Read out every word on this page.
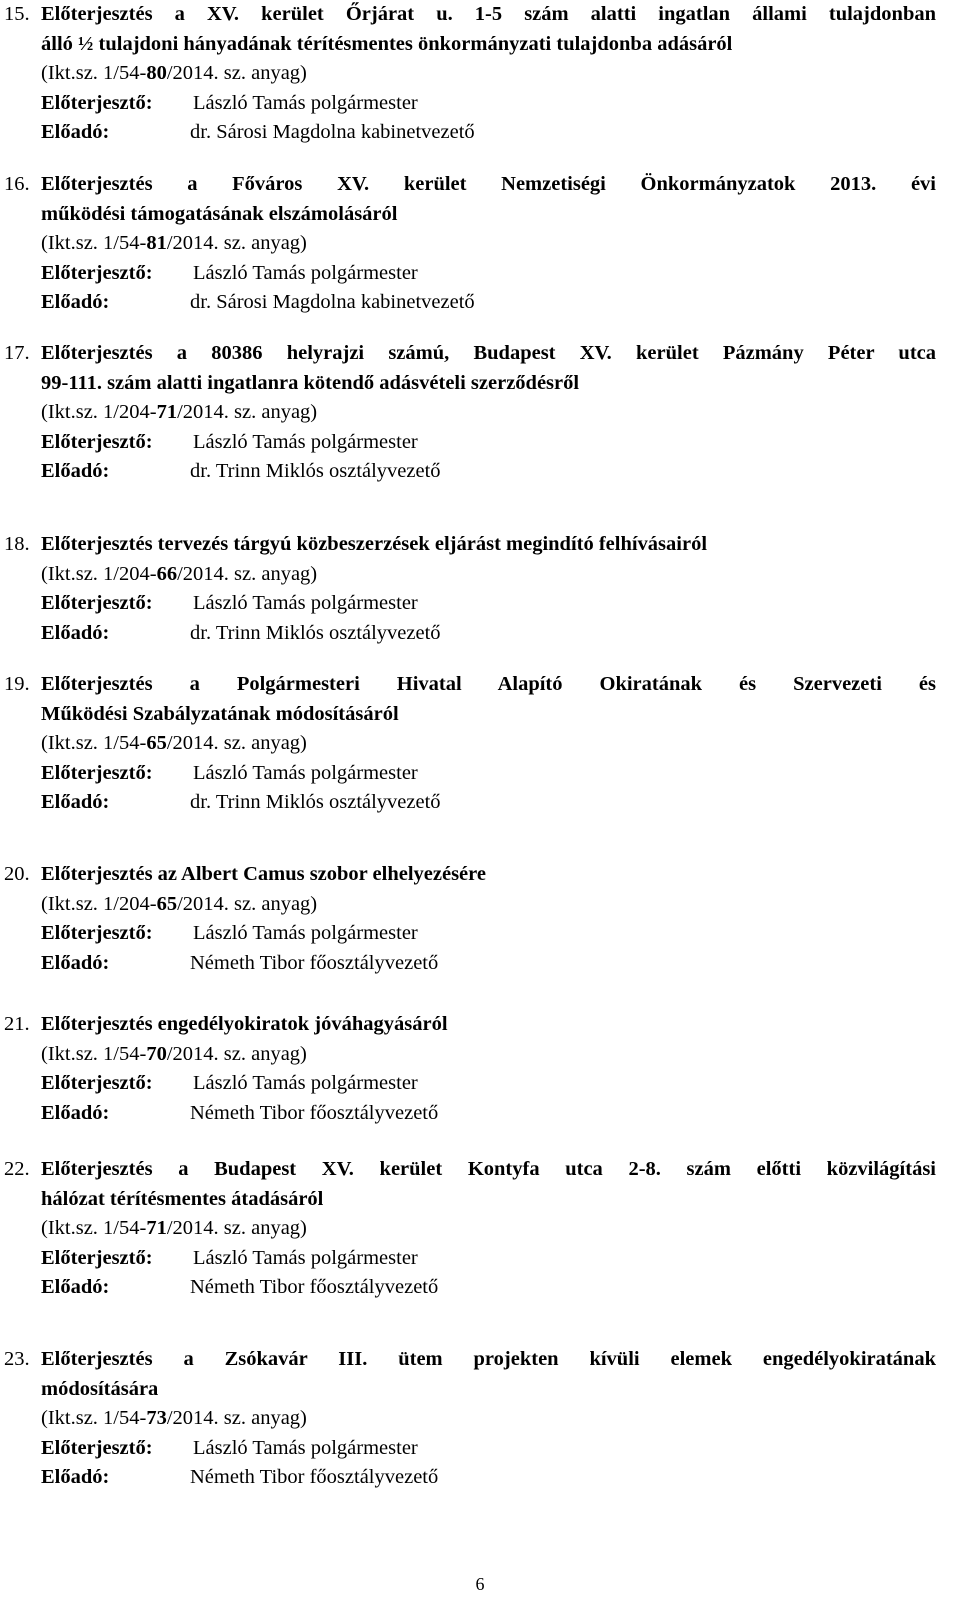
6
15. Előterjesztés a XV. kerület Őrjárat u. 1-5 szám alatti ingatlan állami tulajdonban
álló ½ tulajdoni hányadának térítésmentes önkormányzati tulajdonba adásáról
(Ikt.sz. 1/54-80/2014. sz. anyag)
Előterjesztő: László Tamás polgármester
Előadó:	dr. Sárosi Magdolna kabinetvezető
16. Előterjesztés a Főváros XV. kerület Nemzetiségi Önkormányzatok 2013. évi
működési támogatásának elszámolásáról
(Ikt.sz. 1/54-81/2014. sz. anyag)
Előterjesztő: László Tamás polgármester
Előadó:	dr. Sárosi Magdolna kabinetvezető
17. Előterjesztés a 80386 helyrajzi számú, Budapest XV. kerület Pázmány Péter utca
99-111. szám alatti ingatlanra kötendő adásvételi szerződésről
(Ikt.sz. 1/204-71/2014. sz. anyag)
Előterjesztő: László Tamás polgármester
Előadó:	dr. Trinn Miklós osztályvezető
18. Előterjesztés tervezés tárgyú közbeszerzések eljárást megindító felhívásairól
(Ikt.sz. 1/204-66/2014. sz. anyag)
Előterjesztő: László Tamás polgármester
Előadó:	dr. Trinn Miklós osztályvezető
19. Előterjesztés a Polgármesteri Hivatal Alapító Okiratának és Szervezeti és
Működési Szabályzatának módosításáról
(Ikt.sz. 1/54-65/2014. sz. anyag)
Előterjesztő: László Tamás polgármester
Előadó:	dr. Trinn Miklós osztályvezető
20. Előterjesztés az Albert Camus szobor elhelyezésére
(Ikt.sz. 1/204-65/2014. sz. anyag)
Előterjesztő: László Tamás polgármester
Előadó:	Németh Tibor főosztályvezető
21. Előterjesztés engedélyokiratok jóváhagyásáról
(Ikt.sz. 1/54-70/2014. sz. anyag)
Előterjesztő: László Tamás polgármester
Előadó:	Németh Tibor főosztályvezető
22. Előterjesztés a Budapest XV. kerület Kontyfa utca 2-8. szám előtti közvilágítási
hálózat térítésmentes átadásáról
(Ikt.sz. 1/54-71/2014. sz. anyag)
Előterjesztő: László Tamás polgármester
Előadó:	Németh Tibor főosztályvezető
23. Előterjesztés a Zsókavár III. ütem projekten kívüli elemek engedélyokiratának
módosítására
(Ikt.sz. 1/54-73/2014. sz. anyag)
Előterjesztő: László Tamás polgármester
Előadó:	Németh Tibor főosztályvezető
